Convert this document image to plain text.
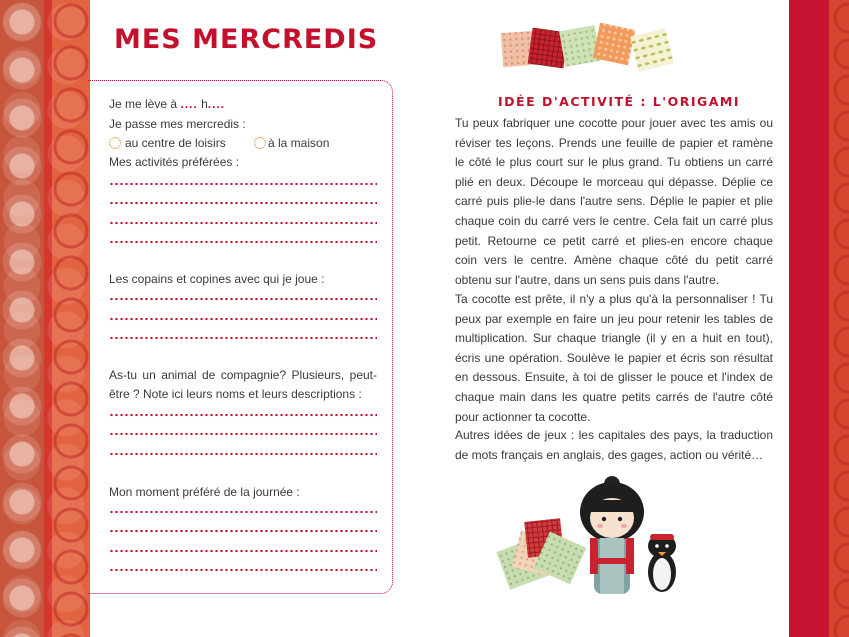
MES MERCREDIS
Je me lève à .... h....
Je passe mes mercredis :
au centre de loisirs	à la maison
Mes activités préférées :
Les copains et copines avec qui je joue :
As-tu un animal de compagnie? Plusieurs, peut-
être ? Note ici leurs noms et leurs descriptions :
Mon moment préféré de la journée :
IDÉE D'ACTIVITÉ : L'ORIGAMI
Tu peux fabriquer une cocotte pour jouer avec tes amis ou réviser tes leçons. Prends une feuille de papier et ramène le côté le plus court sur le plus grand. Tu obtiens un carré plié en deux. Découpe le morceau qui dépasse. Déplie ce carré puis plie-le dans l'autre sens. Déplie le papier et plie chaque coin du carré vers le centre. Cela fait un carré plus petit. Retourne ce petit carré et plies-en encore chaque coin vers le centre. Amène chaque côté du petit carré obtenu sur l'autre, dans un sens puis dans l'autre.
Ta cocotte est prête, il n'y a plus qu'à la personnaliser ! Tu peux par exemple en faire un jeu pour retenir les tables de multiplication. Sur chaque triangle (il y en a huit en tout), écris une opération. Soulève le papier et écris son résultat en dessous. Ensuite, à toi de glisser le pouce et l'index de chaque main dans les quatre petits carrés de l'autre côté pour actionner ta cocotte.
Autres idées de jeux : les capitales des pays, la traduction de mots français en anglais, des gages, action ou vérité…
